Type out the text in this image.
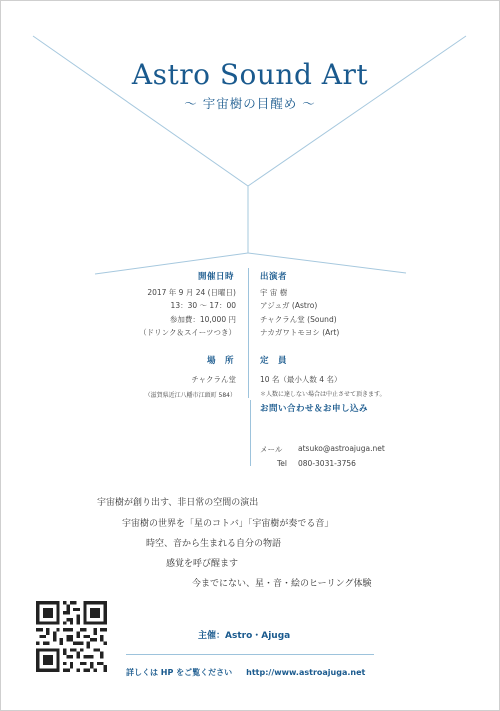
Astro Sound Art
～ 宇宙樹の目醒め ～
開催日時
2017 年 9 月 24 (日曜日)
13：30 ～ 17：00
参加費：10,000 円
（ドリンク＆スイーツつき）
場　所
チャクラん堂
（滋賀県近江八幡市江頭町 584）
出演者
宇 宙 樹
アジュガ (Astro)
チャクラん堂 (Sound)
ナカガワトモヨシ (Art)
定　員
10 名（最小人数 4 名）
＊人数に達しない場合は中止させて頂きます。
お問い合わせ＆お申し込み
メール atsuko@astroajuga.net
Tel 080-3031-3756
宇宙樹が創り出す、非日常の空間の演出
宇宙樹の世界を「星のコトバ」「宇宙樹が奏でる音」
時空、音から生まれる自分の物語
感覚を呼び醒ます
今までにない、星・音・絵のヒーリング体験
主催：Astro・Ajuga
詳しくは HP をご覧ください http://www.astroajuga.net
